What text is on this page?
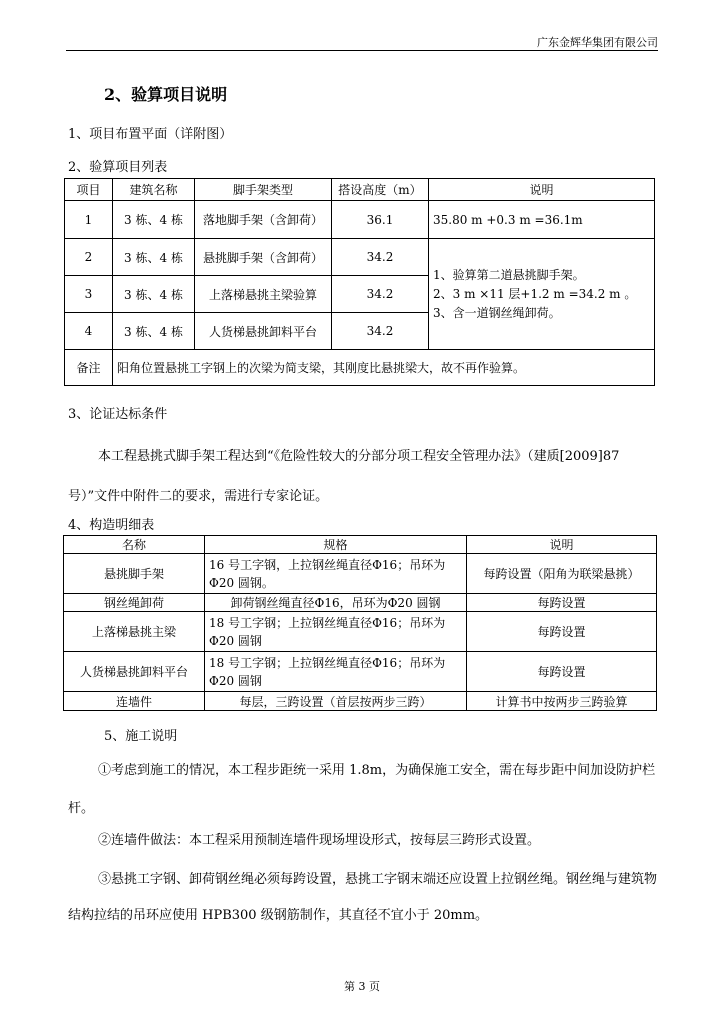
广东金辉华集团有限公司
2、验算项目说明
1、项目布置平面（详附图）
2、验算项目列表
项目	建筑名称	脚手架类型	搭设高度（m）	说明
1	3 栋、4 栋	落地脚手架（含卸荷）	36.1	35.80 m +0.3 m =36.1m
2	3 栋、4 栋	悬挑脚手架（含卸荷）	34.2	1、验算第二道悬挑脚手架。
2、3 m ×11 层+1.2 m =34.2 m 。
3、含一道钢丝绳卸荷。

3	3 栋、4 栋	上落梯悬挑主梁验算	34.2	
4	3 栋、4 栋	人货梯悬挑卸料平台	34.2	
备注	阳角位置悬挑工字钢上的次梁为简支梁，其刚度比悬挑梁大，故不再作验算。			
3、论证达标条件
本工程悬挑式脚手架工程达到“《危险性较大的分部分项工程安全管理办法》（建质[2009]87 号）”文件中附件二的要求，需进行专家论证。
4、构造明细表
名称	规格	说明
悬挑脚手架	16 号工字钢，上拉钢丝绳直径Φ16；吊环为
Φ20 圆钢。	每跨设置（阳角为联梁悬挑）
钢丝绳卸荷	卸荷钢丝绳直径Φ16，吊环为Φ20 圆钢	每跨设置
上落梯悬挑主梁	18 号工字钢；上拉钢丝绳直径Φ16；吊环为
Φ20 圆钢	每跨设置
人货梯悬挑卸料平台	18 号工字钢；上拉钢丝绳直径Φ16；吊环为
Φ20 圆钢	每跨设置
连墙件	每层，三跨设置（首层按两步三跨）	计算书中按两步三跨验算
5、施工说明
①考虑到施工的情况，本工程步距统一采用 1.8m，为确保施工安全，需在每步距中间加设防护栏杆。
②连墙件做法：本工程采用预制连墙件现场埋设形式，按每层三跨形式设置。
③悬挑工字钢、卸荷钢丝绳必须每跨设置，悬挑工字钢末端还应设置上拉钢丝绳。钢丝绳与建筑物结构拉结的吊环应使用 HPB300 级钢筋制作，其直径不宜小于 20mm。
第 3 页
